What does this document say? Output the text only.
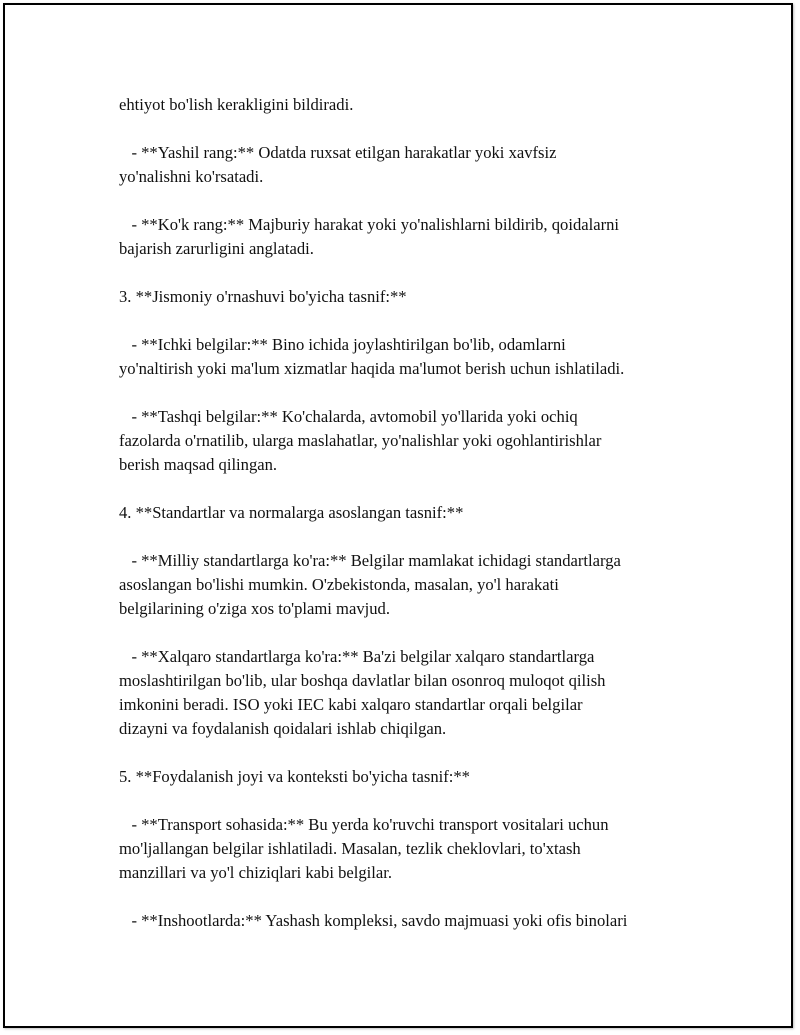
ehtiyot bo'lish kerakligini bildiradi.

- **Yashil rang:** Odatda ruxsat etilgan harakatlar yoki xavfsiz
yo'nalishni ko'rsatadi.

- **Ko'k rang:** Majburiy harakat yoki yo'nalishlarni bildirib, qoidalarni
bajarish zarurligini anglatadi.

3. **Jismoniy o'rnashuvi bo'yicha tasnif:**

- **Ichki belgilar:** Bino ichida joylashtirilgan bo'lib, odamlarni
yo'naltirish yoki ma'lum xizmatlar haqida ma'lumot berish uchun ishlatiladi.

- **Tashqi belgilar:** Ko'chalarda, avtomobil yo'llarida yoki ochiq
fazolarda o'rnatilib, ularga maslahatlar, yo'nalishlar yoki ogohlantirishlar
berish maqsad qilingan.

4. **Standartlar va normalarga asoslangan tasnif:**

- **Milliy standartlarga ko'ra:** Belgilar mamlakat ichidagi standartlarga
asoslangan bo'lishi mumkin. O'zbekistonda, masalan, yo'l harakati
belgilarining o'ziga xos to'plami mavjud.

- **Xalqaro standartlarga ko'ra:** Ba'zi belgilar xalqaro standartlarga
moslashtirilgan bo'lib, ular boshqa davlatlar bilan osonroq muloqot qilish
imkonini beradi. ISO yoki IEC kabi xalqaro standartlar orqali belgilar
dizayni va foydalanish qoidalari ishlab chiqilgan.

5. **Foydalanish joyi va konteksti bo'yicha tasnif:**

- **Transport sohasida:** Bu yerda ko'ruvchi transport vositalari uchun
mo'ljallangan belgilar ishlatiladi. Masalan, tezlik cheklovlari, to'xtash
manzillari va yo'l chiziqlari kabi belgilar.

- **Inshootlarda:** Yashash kompleksi, savdo majmuasi yoki ofis binolari
